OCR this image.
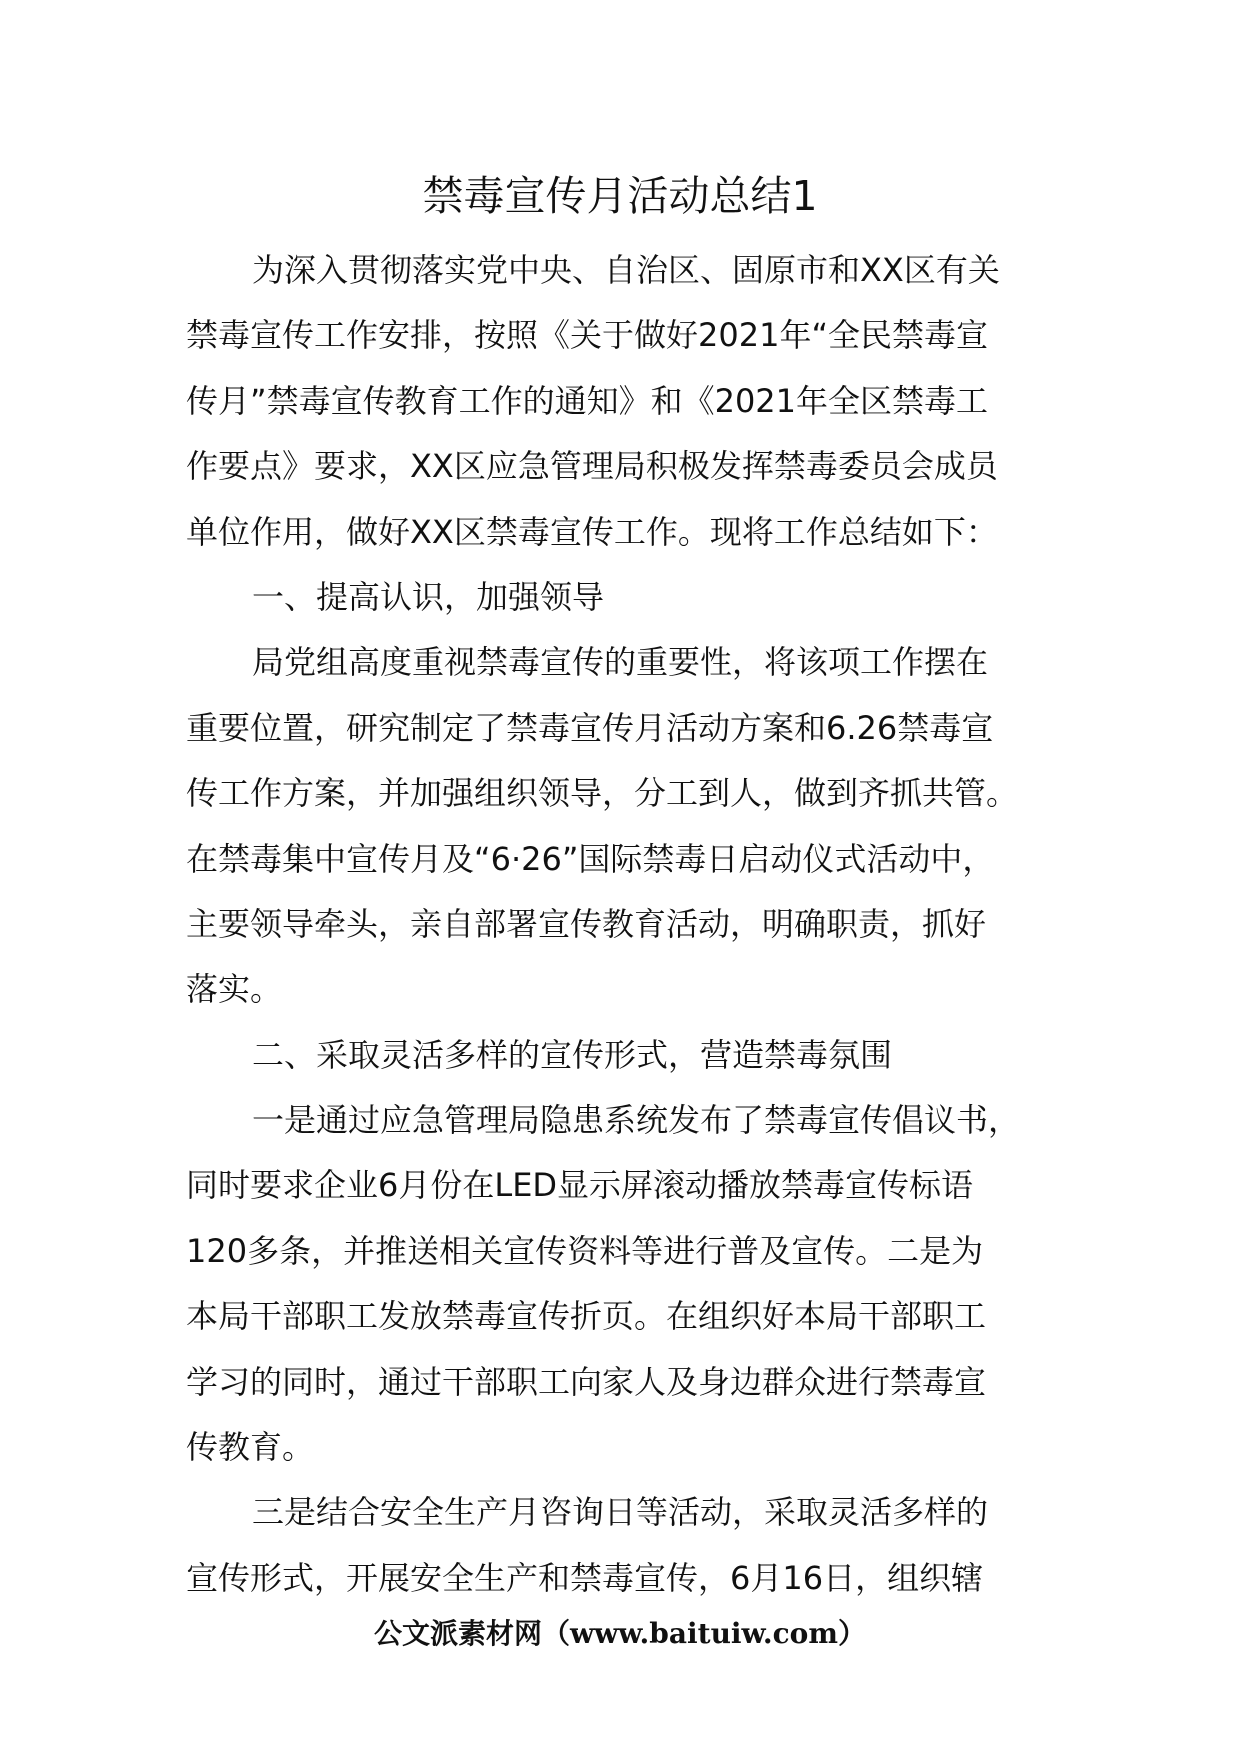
禁毒宣传月活动总结1
为深入贯彻落实党中央、自治区、固原市和XX区有关
禁毒宣传工作安排，按照《关于做好2021年“全民禁毒宣
传月”禁毒宣传教育工作的通知》和《2021年全区禁毒工
作要点》要求，XX区应急管理局积极发挥禁毒委员会成员
单位作用，做好XX区禁毒宣传工作。现将工作总结如下：
一、提高认识，加强领导
局党组高度重视禁毒宣传的重要性，将该项工作摆在
重要位置，研究制定了禁毒宣传月活动方案和6.26禁毒宣
传工作方案，并加强组织领导，分工到人，做到齐抓共管。
在禁毒集中宣传月及“6·26”国际禁毒日启动仪式活动中，
主要领导牵头，亲自部署宣传教育活动，明确职责，抓好
落实。
二、采取灵活多样的宣传形式，营造禁毒氛围
一是通过应急管理局隐患系统发布了禁毒宣传倡议书，
同时要求企业6月份在LED显示屏滚动播放禁毒宣传标语
120多条，并推送相关宣传资料等进行普及宣传。二是为
本局干部职工发放禁毒宣传折页。在组织好本局干部职工
学习的同时，通过干部职工向家人及身边群众进行禁毒宣
传教育。
三是结合安全生产月咨询日等活动，采取灵活多样的
宣传形式，开展安全生产和禁毒宣传，6月16日，组织辖
公文派素材网（www.baituiw.com）
